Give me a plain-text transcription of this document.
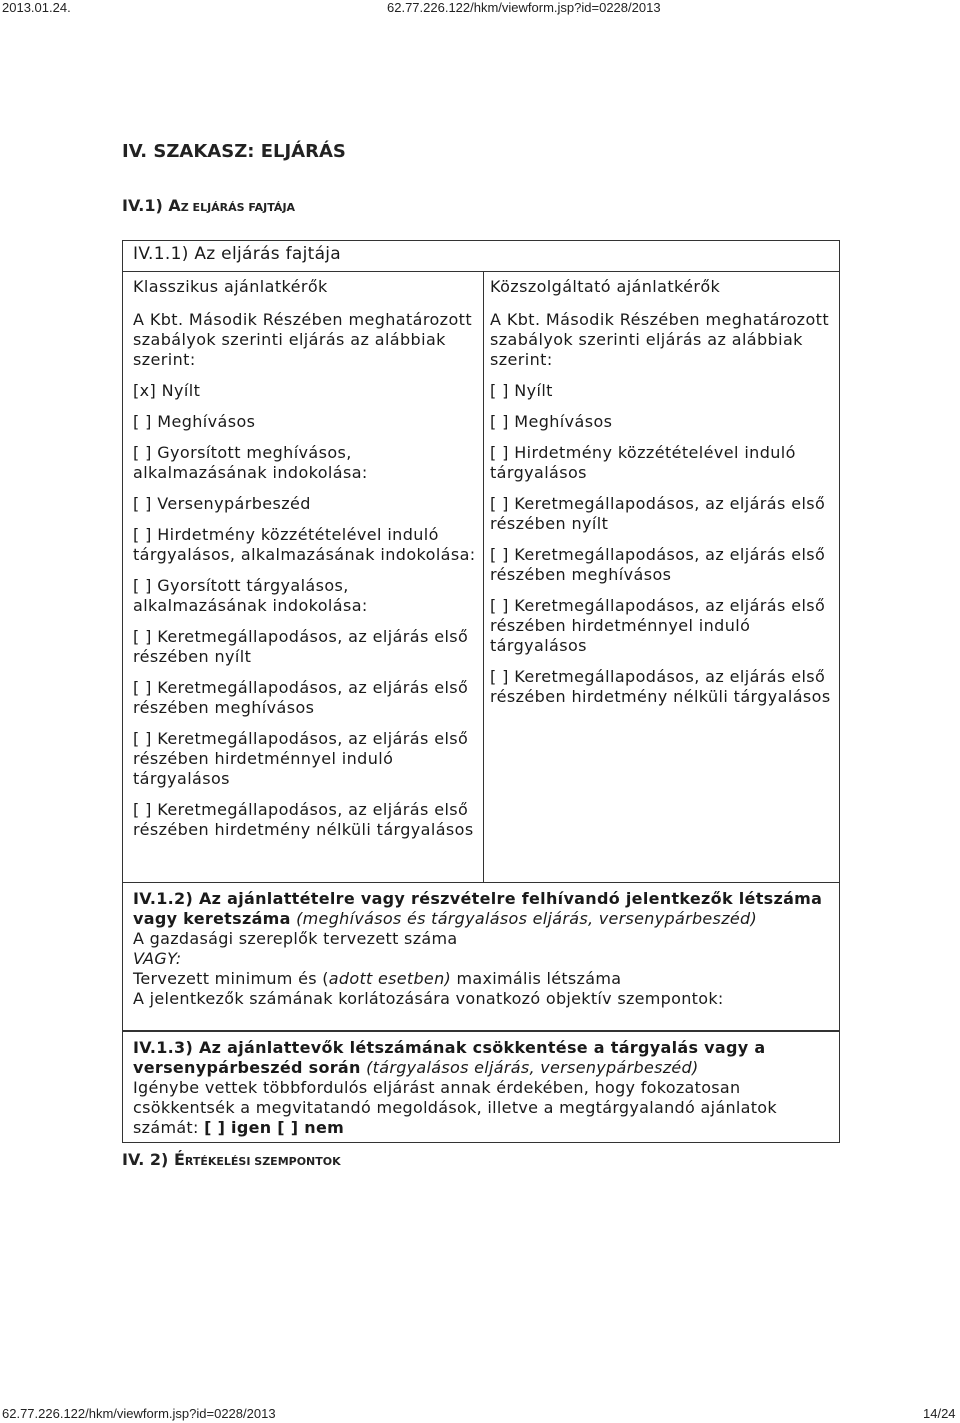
2013.01.24.	62.77.226.122/hkm/viewform.jsp?id=0228/2013
62.77.226.122/hkm/viewform.jsp?id=0228/2013	14/24
IV. SZAKASZ: ELJÁRÁS
IV.1) AZ ELJÁRÁS FAJTÁJA
IV.1.1) Az eljárás fajtája

Klasszikus ajánlatkérők

A Kbt. Második Részében meghatározott szabályok szerinti eljárás az alábbiak szerint:

[x] Nyílt

[ ] Meghívásos

[ ] Gyorsított meghívásos, alkalmazásának indokolása:

[ ] Versenypárbeszéd

[ ] Hirdetmény közzétételével induló tárgyalásos, alkalmazásának indokolása:

[ ] Gyorsított tárgyalásos, alkalmazásának indokolása:

[ ] Keretmegállapodásos, az eljárás első részében nyílt

[ ] Keretmegállapodásos, az eljárás első részében meghívásos

[ ] Keretmegállapodásos, az eljárás első részében hirdetménnyel induló tárgyalásos

[ ] Keretmegállapodásos, az eljárás első részében hirdetmény nélküli tárgyalásos

Közszolgáltató ajánlatkérők

A Kbt. Második Részében meghatározott szabályok szerinti eljárás az alábbiak szerint:

[ ] Nyílt

[ ] Meghívásos

[ ] Hirdetmény közzétételével induló tárgyalásos

[ ] Keretmegállapodásos, az eljárás első részében nyílt

[ ] Keretmegállapodásos, az eljárás első részében meghívásos

[ ] Keretmegállapodásos, az eljárás első részében hirdetménnyel induló tárgyalásos

[ ] Keretmegállapodásos, az eljárás első részében hirdetmény nélküli tárgyalásos

IV.1.2) Az ajánlattételre vagy részvételre felhívandó jelentkezők létszáma vagy keretszáma (meghívásos és tárgyalásos eljárás, versenypárbeszéd)

A gazdasági szereplők tervezett száma

VAGY:

Tervezett minimum és (adott esetben) maximális létszáma

A jelentkezők számának korlátozására vonatkozó objektív szempontok:

IV.1.3) Az ajánlattevők létszámának csökkentése a tárgyalás vagy a versenypárbeszéd során (tárgyalásos eljárás, versenypárbeszéd)

Igénybe vettek többfordulós eljárást annak érdekében, hogy fokozatosan csökkentsék a megvitatandó megoldások, illetve a megtárgyalandó ajánlatok számát: [ ] igen [ ] nem

IV. 2) ÉRTÉKELÉSI SZEMPONTOK
